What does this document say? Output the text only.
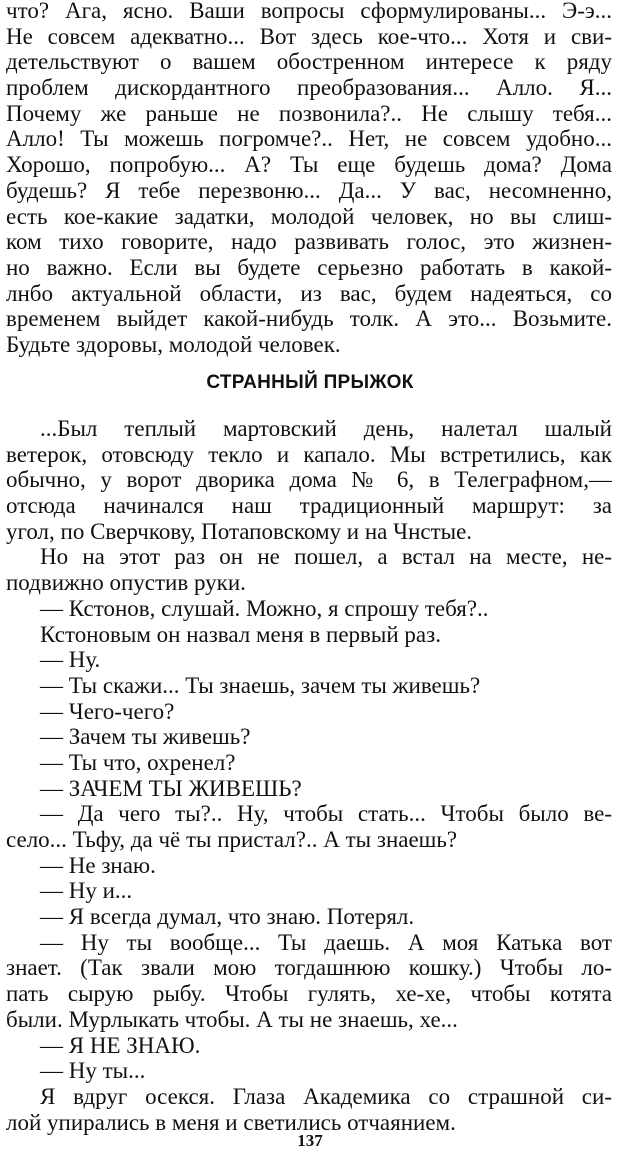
что? Ага, ясно. Ваши вопросы сформулированы... Э-э...
Не совсем адекватно... Вот здесь кое-что... Хотя и сви-
детельствуют о вашем обостренном интересе к ряду
проблем дискордантного преобразования... Алло. Я...
Почему же раньше не позвонила?.. Не слышу тебя...
Алло! Ты можешь погромче?.. Нет, не совсем удобно...
Хорошо, попробую... А? Ты еще будешь дома? Дома
будешь? Я тебе перезвоню... Да... У вас, несомненно,
есть кое-какие задатки, молодой человек, но вы слиш-
ком тихо говорите, надо развивать голос, это жизнен-
но важно. Если вы будете серьезно работать в какой-
лнбо актуальной области, из вас, будем надеяться, со
временем выйдет какой-нибудь толк. А это... Возьмите.
Будьте здоровы, молодой человек.
СТРАННЫЙ ПРЫЖОК
...Был теплый мартовский день, налетал шалый
ветерок, отовсюду текло и капало. Мы встретились, как
обычно, у ворот дворика дома № 6, в Телеграфном,—
отсюда начинался наш традиционный маршрут: за
угол, по Сверчкову, Потаповскому и на Чнстые.
Но на этот раз он не пошел, а встал на месте, не-
подвижно опустив руки.
— Кстонов, слушай. Можно, я спрошу тебя?..
Кстоновым он назвал меня в первый раз.
— Ну.
— Ты скажи... Ты знаешь, зачем ты живешь?
— Чего-чего?
— Зачем ты живешь?
— Ты что, охренел?
— ЗАЧЕМ ТЫ ЖИВЕШЬ?
— Да чего ты?.. Ну, чтобы стать... Чтобы было ве-
село... Тьфу, да чё ты пристал?.. А ты знаешь?
— Не знаю.
— Ну и...
— Я всегда думал, что знаю. Потерял.
— Ну ты вообще... Ты даешь. А моя Катька вот
знает. (Так звали мою тогдашнюю кошку.) Чтобы ло-
пать сырую рыбу. Чтобы гулять, хе-хе, чтобы котята
были. Мурлыкать чтобы. А ты не знаешь, хе...
— Я НЕ ЗНАЮ.
— Ну ты...
Я вдруг осекся. Глаза Академика со страшной си-
лой упирались в меня и светились отчаянием.
137
